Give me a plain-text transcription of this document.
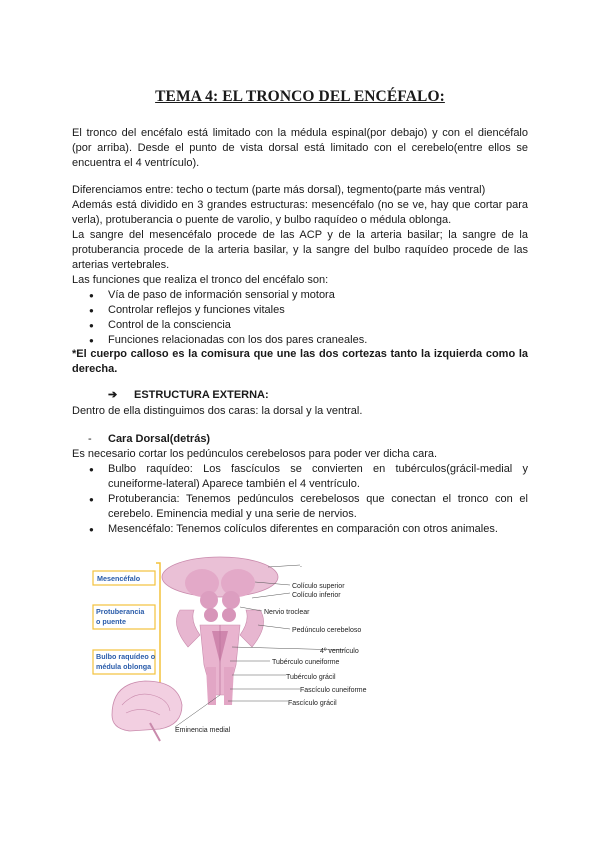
TEMA 4: EL TRONCO DEL ENCÉFALO:

El tronco del encéfalo está limitado con la médula espinal(por debajo) y con el diencéfalo (por arriba). Desde el punto de vista dorsal está limitado con el cerebelo(entre ellos se encuentra el 4 ventrículo).

Diferenciamos entre: techo o tectum (parte más dorsal), tegmento(parte más ventral)

Además está dividido en 3 grandes estructuras: mesencéfalo (no se ve, hay que cortar para verla), protuberancia o puente de varolio, y bulbo raquídeo o médula oblonga.

La sangre del mesencéfalo procede de las ACP y de la arteria basilar; la sangre de la protuberancia procede de la arteria basilar, y la sangre del bulbo raquídeo procede de las arterias vertebrales.

Las funciones que realiza el tronco del encéfalo son:

● Vía de paso de información sensorial y motora
● Controlar reflejos y funciones vitales
● Control de la consciencia
● Funciones relacionadas con los dos pares craneales.

*El cuerpo calloso es la comisura que une las dos cortezas tanto la izquierda como la derecha.

➔ ESTRUCTURA EXTERNA:

Dentro de ella distinguimos dos caras: la dorsal y la ventral.

- Cara Dorsal(detrás)

Es necesario cortar los pedúnculos cerebelosos para poder ver dicha cara.

● Bulbo raquídeo: Los fascículos se convierten en tubérculos(grácil-medial y cuneiforme-lateral) Aparece también el 4 ventrículo.
● Protuberancia: Tenemos pedúnculos cerebelosos que conectan el tronco con el cerebelo. Eminencia medial y una serie de nervios.
● Mesencéfalo: Tenemos colículos diferentes en comparación con otros animales.
Mesencéfalo
Protuberancia
o puente
Bulbo raquídeo o
médula oblonga
.
Colículo superior
Colículo inferior
Nervio troclear
Pedúnculo cerebeloso
4º ventrículo
Tubérculo cuneiforme
Tubérculo grácil
Fascículo cuneiforme
Fascículo grácil
Eminencia medial
